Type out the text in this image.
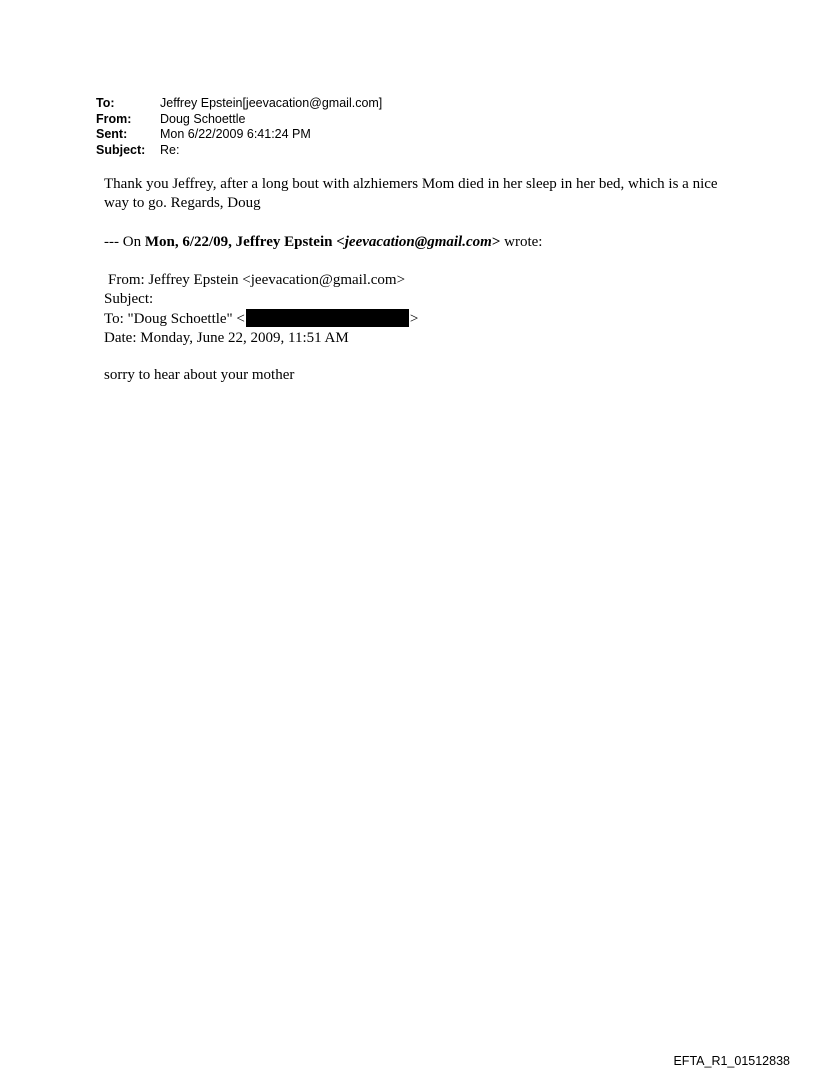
To:	Jeffrey Epstein[jeevacation@gmail.com]
From:	Doug Schoettle
Sent:	Mon 6/22/2009 6:41:24 PM
Subject:	Re:

Thank you Jeffrey, after a long bout with alzhiemers Mom died in her sleep in her bed, which is a nice way to go. Regards, Doug

--- On Mon, 6/22/09, Jeffrey Epstein <jeevacation@gmail.com> wrote:

From: Jeffrey Epstein <jeevacation@gmail.com>
Subject:
To: "Doug Schoettle" <	>
Date: Monday, June 22, 2009, 11:51 AM
sorry to hear about your mother
EFTA_R1_01512838
